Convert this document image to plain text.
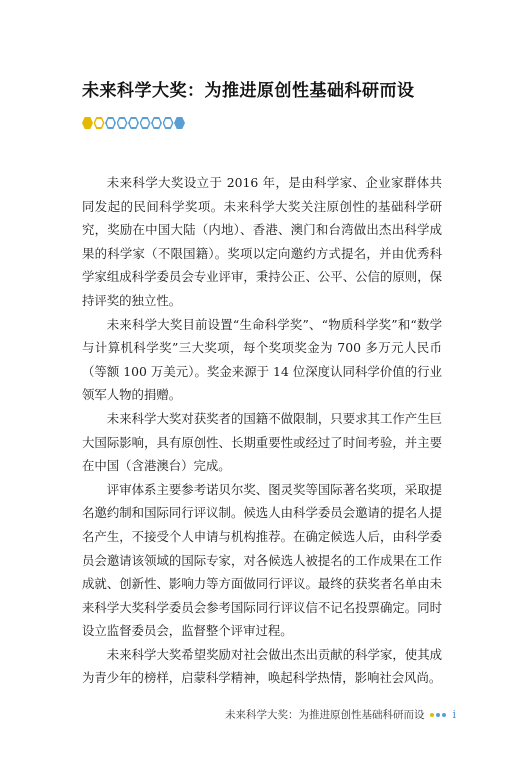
未来科学大奖：为推进原创性基础科研而设

未来科学大奖设立于 2016 年，是由科学家、企业家群体共同发起的民间科学奖项。未来科学大奖关注原创性的基础科学研究，奖励在中国大陆（内地）、香港、澳门和台湾做出杰出科学成果的科学家（不限国籍）。奖项以定向邀约方式提名，并由优秀科学家组成科学委员会专业评审，秉持公正、公平、公信的原则，保持评奖的独立性。

未来科学大奖目前设置“生命科学奖”、“物质科学奖”和“数学与计算机科学奖”三大奖项，每个奖项奖金为 700 多万元人民币（等额 100 万美元）。奖金来源于 14 位深度认同科学价值的行业领军人物的捐赠。

未来科学大奖对获奖者的国籍不做限制，只要求其工作产生巨大国际影响，具有原创性、长期重要性或经过了时间考验，并主要在中国（含港澳台）完成。

评审体系主要参考诺贝尔奖、图灵奖等国际著名奖项，采取提名邀约制和国际同行评议制。候选人由科学委员会邀请的提名人提名产生，不接受个人申请与机构推荐。在确定候选人后，由科学委员会邀请该领域的国际专家，对各候选人被提名的工作成果在工作成就、创新性、影响力等方面做同行评议。最终的获奖者名单由未来科学大奖科学委员会参考国际同行评议信不记名投票确定。同时设立监督委员会，监督整个评审过程。

未来科学大奖希望奖励对社会做出杰出贡献的科学家，使其成为青少年的榜样，启蒙科学精神，唤起科学热情，影响社会风尚。

未来科学大奖：为推进原创性基础科研而设	i
